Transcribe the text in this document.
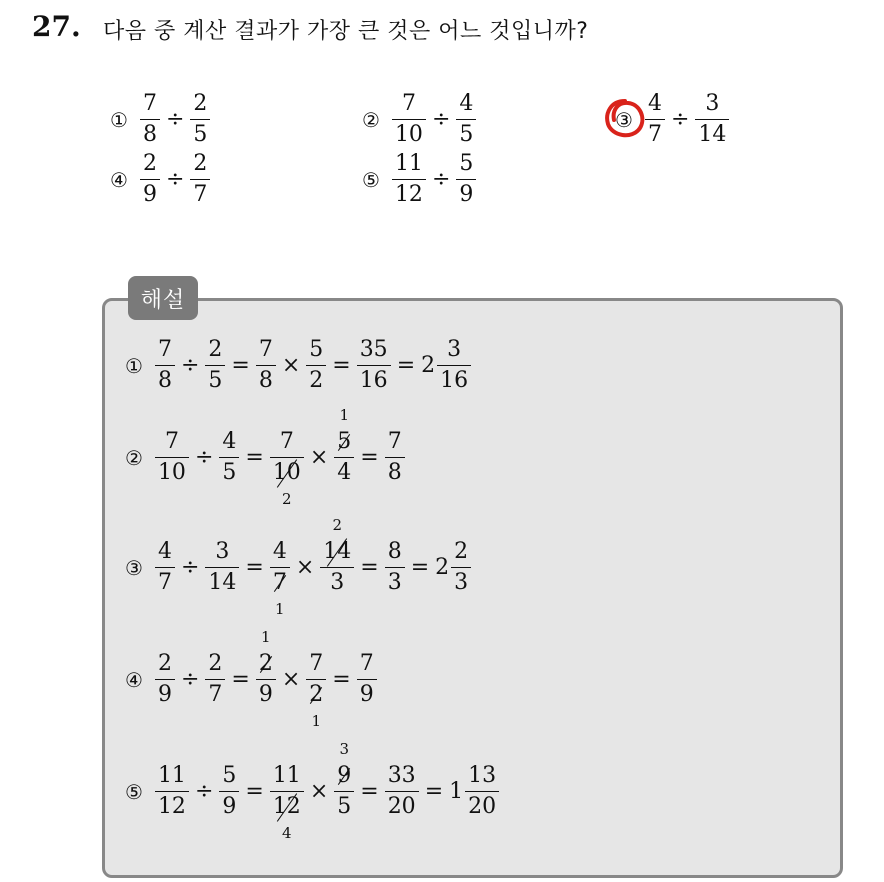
27. 다음 중 계산 결과가 가장 큰 것은 어느 것입니까?
① $\frac{7}{8} \div \frac{2}{5}$	② $\frac{7}{10} \div \frac{4}{5}$	③ $\frac{4}{7} \div \frac{3}{14}$
④ $\frac{2}{9} \div \frac{2}{7}$	⑤ $\frac{11}{12} \div \frac{5}{9}$
해설
① $\frac{7}{8} \div \frac{2}{5} = \frac{7}{8} \times \frac{5}{2} = \frac{35}{16} = 2 \frac{3}{16}$
② $\frac{7}{10} \div \frac{4}{5} = 7$
10
2 × 5
1
$4 = \frac{7}{8}$
③ $\frac{4}{7} \div \frac{3}{14} = 4$
7
1 × 14
2
$3 = \frac{8}{3} = 2 \frac{2}{3}$
④ $\frac{2}{9} \div \frac{2}{7} = 2$
1
9 × 7
2
$1 = \frac{7}{9}$
⑤ $\frac{11}{12} \div \frac{5}{9} = 11$
12
4 × 9
3
$5 = \frac{33}{20} = 1 \frac{13}{20}$
